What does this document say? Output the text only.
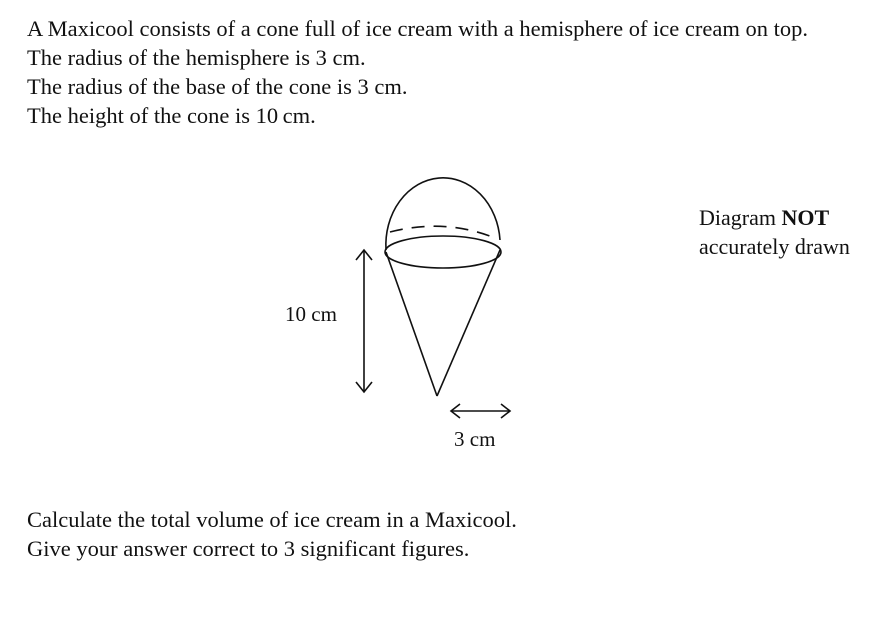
A Maxicool consists of a cone full of ice cream with a hemisphere of ice cream on top.
The radius of the hemisphere is 3 cm.
The radius of the base of the cone is 3 cm.
The height of the cone is 10 cm.
10 cm
3 cm
Diagram NOT
accurately drawn
Calculate the total volume of ice cream in a Maxicool.
Give your answer correct to 3 significant figures.
